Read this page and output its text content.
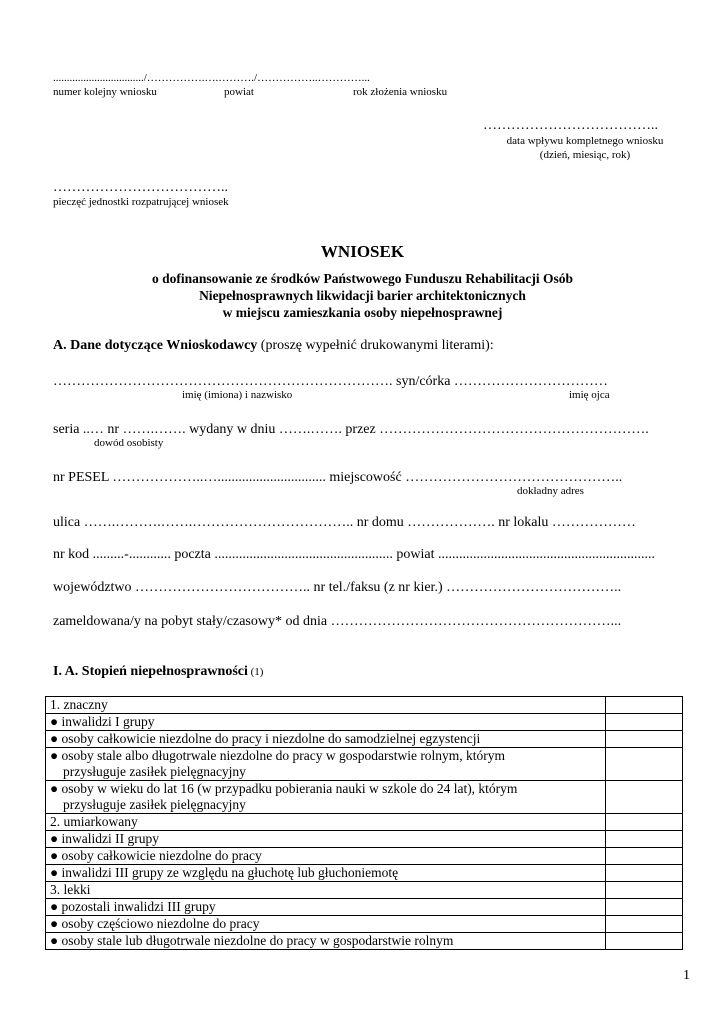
................................./…………….….………./……………..…………...
numer kolejny wniosku	powiat	rok złożenia wniosku
………………………………..
data wpływu kompletnego wniosku
(dzień, miesiąc, rok)
………………………………..
pieczęć jednostki rozpatrującej wniosek
WNIOSEK
o dofinansowanie ze środków Państwowego Funduszu Rehabilitacji Osób
Niepełnosprawnych likwidacji barier architektonicznych
w miejscu zamieszkania osoby niepełnosprawnej
A. Dane dotyczące Wnioskodawcy (proszę wypełnić drukowanymi literami):
………………………………………………………………. syn/córka ……………………………
imię (imiona) i nazwisko	imię ojca
seria ..… nr …….……. wydany w dniu …….……. przez ………………………………………………….
dowód osobisty
nr PESEL ………………..…............................... miejscowość ………………………………………..
dokładny adres
ulica …….……….…….…………………………….. nr domu ………………. nr lokalu ………………
nr kod .........-............ poczta ................................................... powiat ..............................................................
województwo ……………………………….. nr tel./faksu (z nr kier.) ………………………………..
zameldowana/y na pobyt stały/czasowy* od dnia ……………………………………………………...
I. A. Stopień niepełnosprawności (1)
1. znaczny	
● inwalidzi I grupy	
● osoby całkowicie niezdolne do pracy i niezdolne do samodzielnej egzystencji	

● osoby stale albo długotrwale niezdolne do pracy w gospodarstwie rolnym, którym
przysługuje zasiłek pielęgnacyjny	

● osoby w wieku do lat 16 (w przypadku pobierania nauki w szkole do 24 lat), którym
przysługuje zasiłek pielęgnacyjny	

2. umiarkowany	
● inwalidzi II grupy	
● osoby całkowicie niezdolne do pracy	
● inwalidzi III grupy ze względu na głuchotę lub głuchoniemotę	
3. lekki	
● pozostali inwalidzi III grupy	
● osoby częściowo niezdolne do pracy	
● osoby stale lub długotrwale niezdolne do pracy w gospodarstwie rolnym	
1
